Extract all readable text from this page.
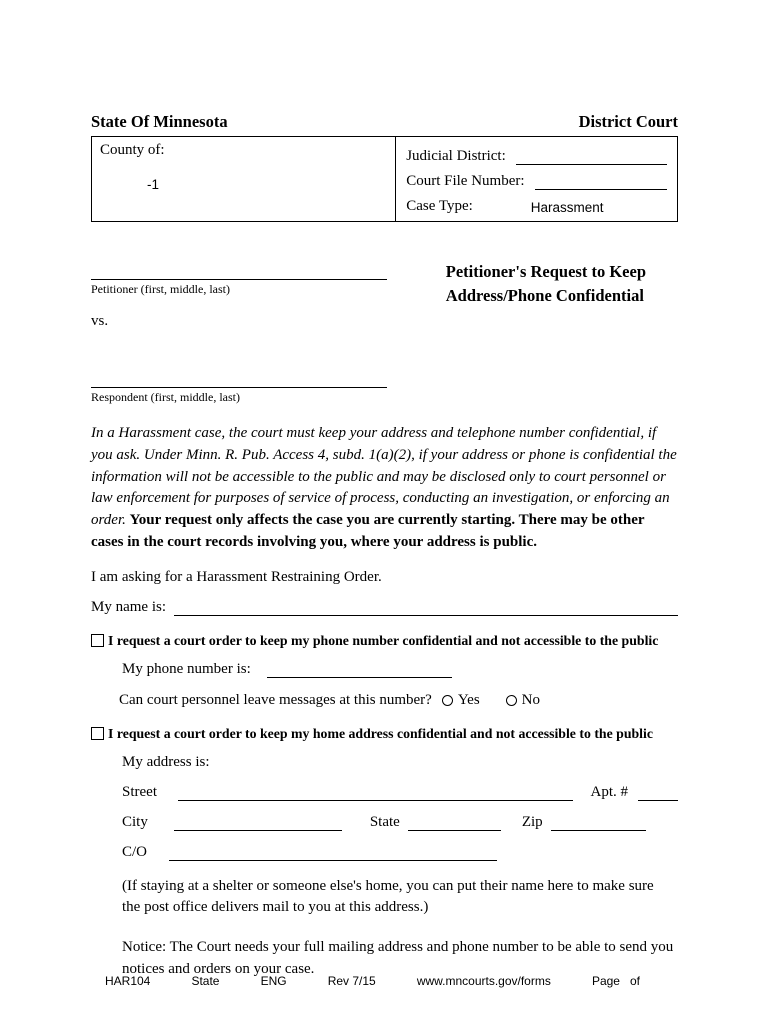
State Of Minnesota	District Court
County of:
-1
Judicial District:
Court File Number:
Case Type:	Harassment
Petitioner (first, middle, last)
vs.
Respondent (first, middle, last)
Petitioner's Request to Keep
Address/Phone Confidential

In a Harassment case, the court must keep your address and telephone number confidential, if you ask. Under Minn. R. Pub. Access 4, subd. 1(a)(2), if your address or phone is confidential the information will not be accessible to the public and may be disclosed only to court personnel or law enforcement for purposes of service of process, conducting an investigation, or enforcing an order. Your request only affects the case you are currently starting. There may be other cases in the court records involving you, where your address is public.

I am asking for a Harassment Restraining Order.
My name is:
I request a court order to keep my phone number confidential and not accessible to the public
My phone number is:
Can court personnel leave messages at this number? Yes	No
I request a court order to keep my home address confidential and not accessible to the public
My address is:
Street	Apt. #
City	State	Zip
C/O
(If staying at a shelter or someone else's home, you can put their name here to make sure the post office delivers mail to you at this address.)
Notice: The Court needs your full mailing address and phone number to be able to send you notices and orders on your case.
HAR104	State	ENG	Rev 7/15	www.mncourts.gov/forms	Page of
